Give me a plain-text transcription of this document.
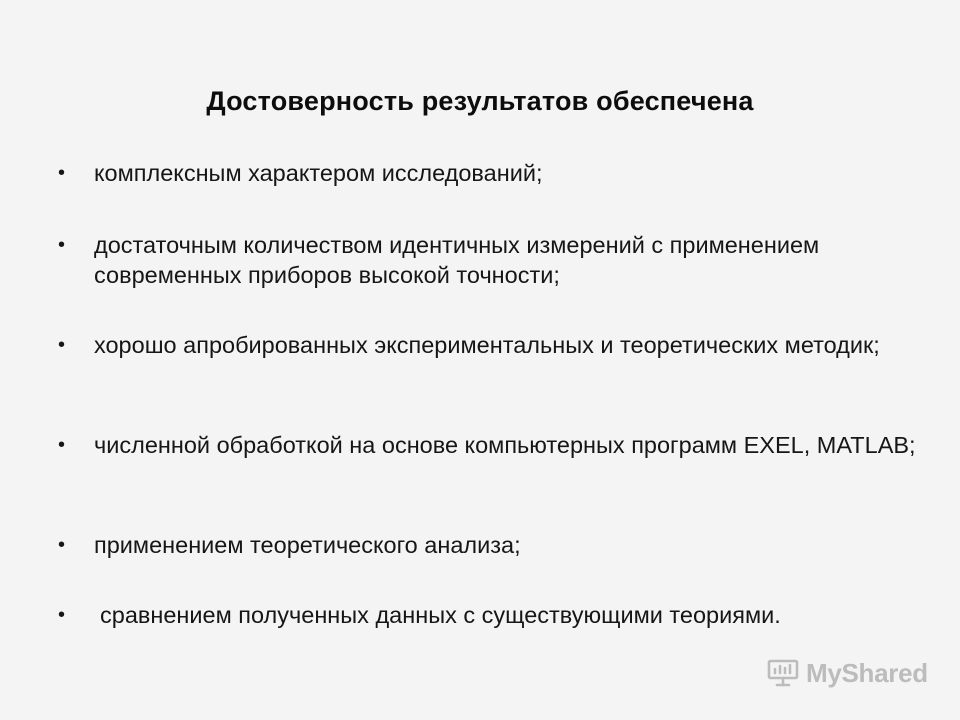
Достоверность результатов обеспечена
•	комплексным характером исследований;
•	достаточным количеством идентичных измерений с применением современных приборов высокой точности;
•	хорошо апробированных экспериментальных и теоретических методик;
•	численной обработкой на основе компьютерных программ EXEL, MATLAB;
•	применением теоретического анализа;
•	сравнением полученных данных с существующими теориями.
MyShared
